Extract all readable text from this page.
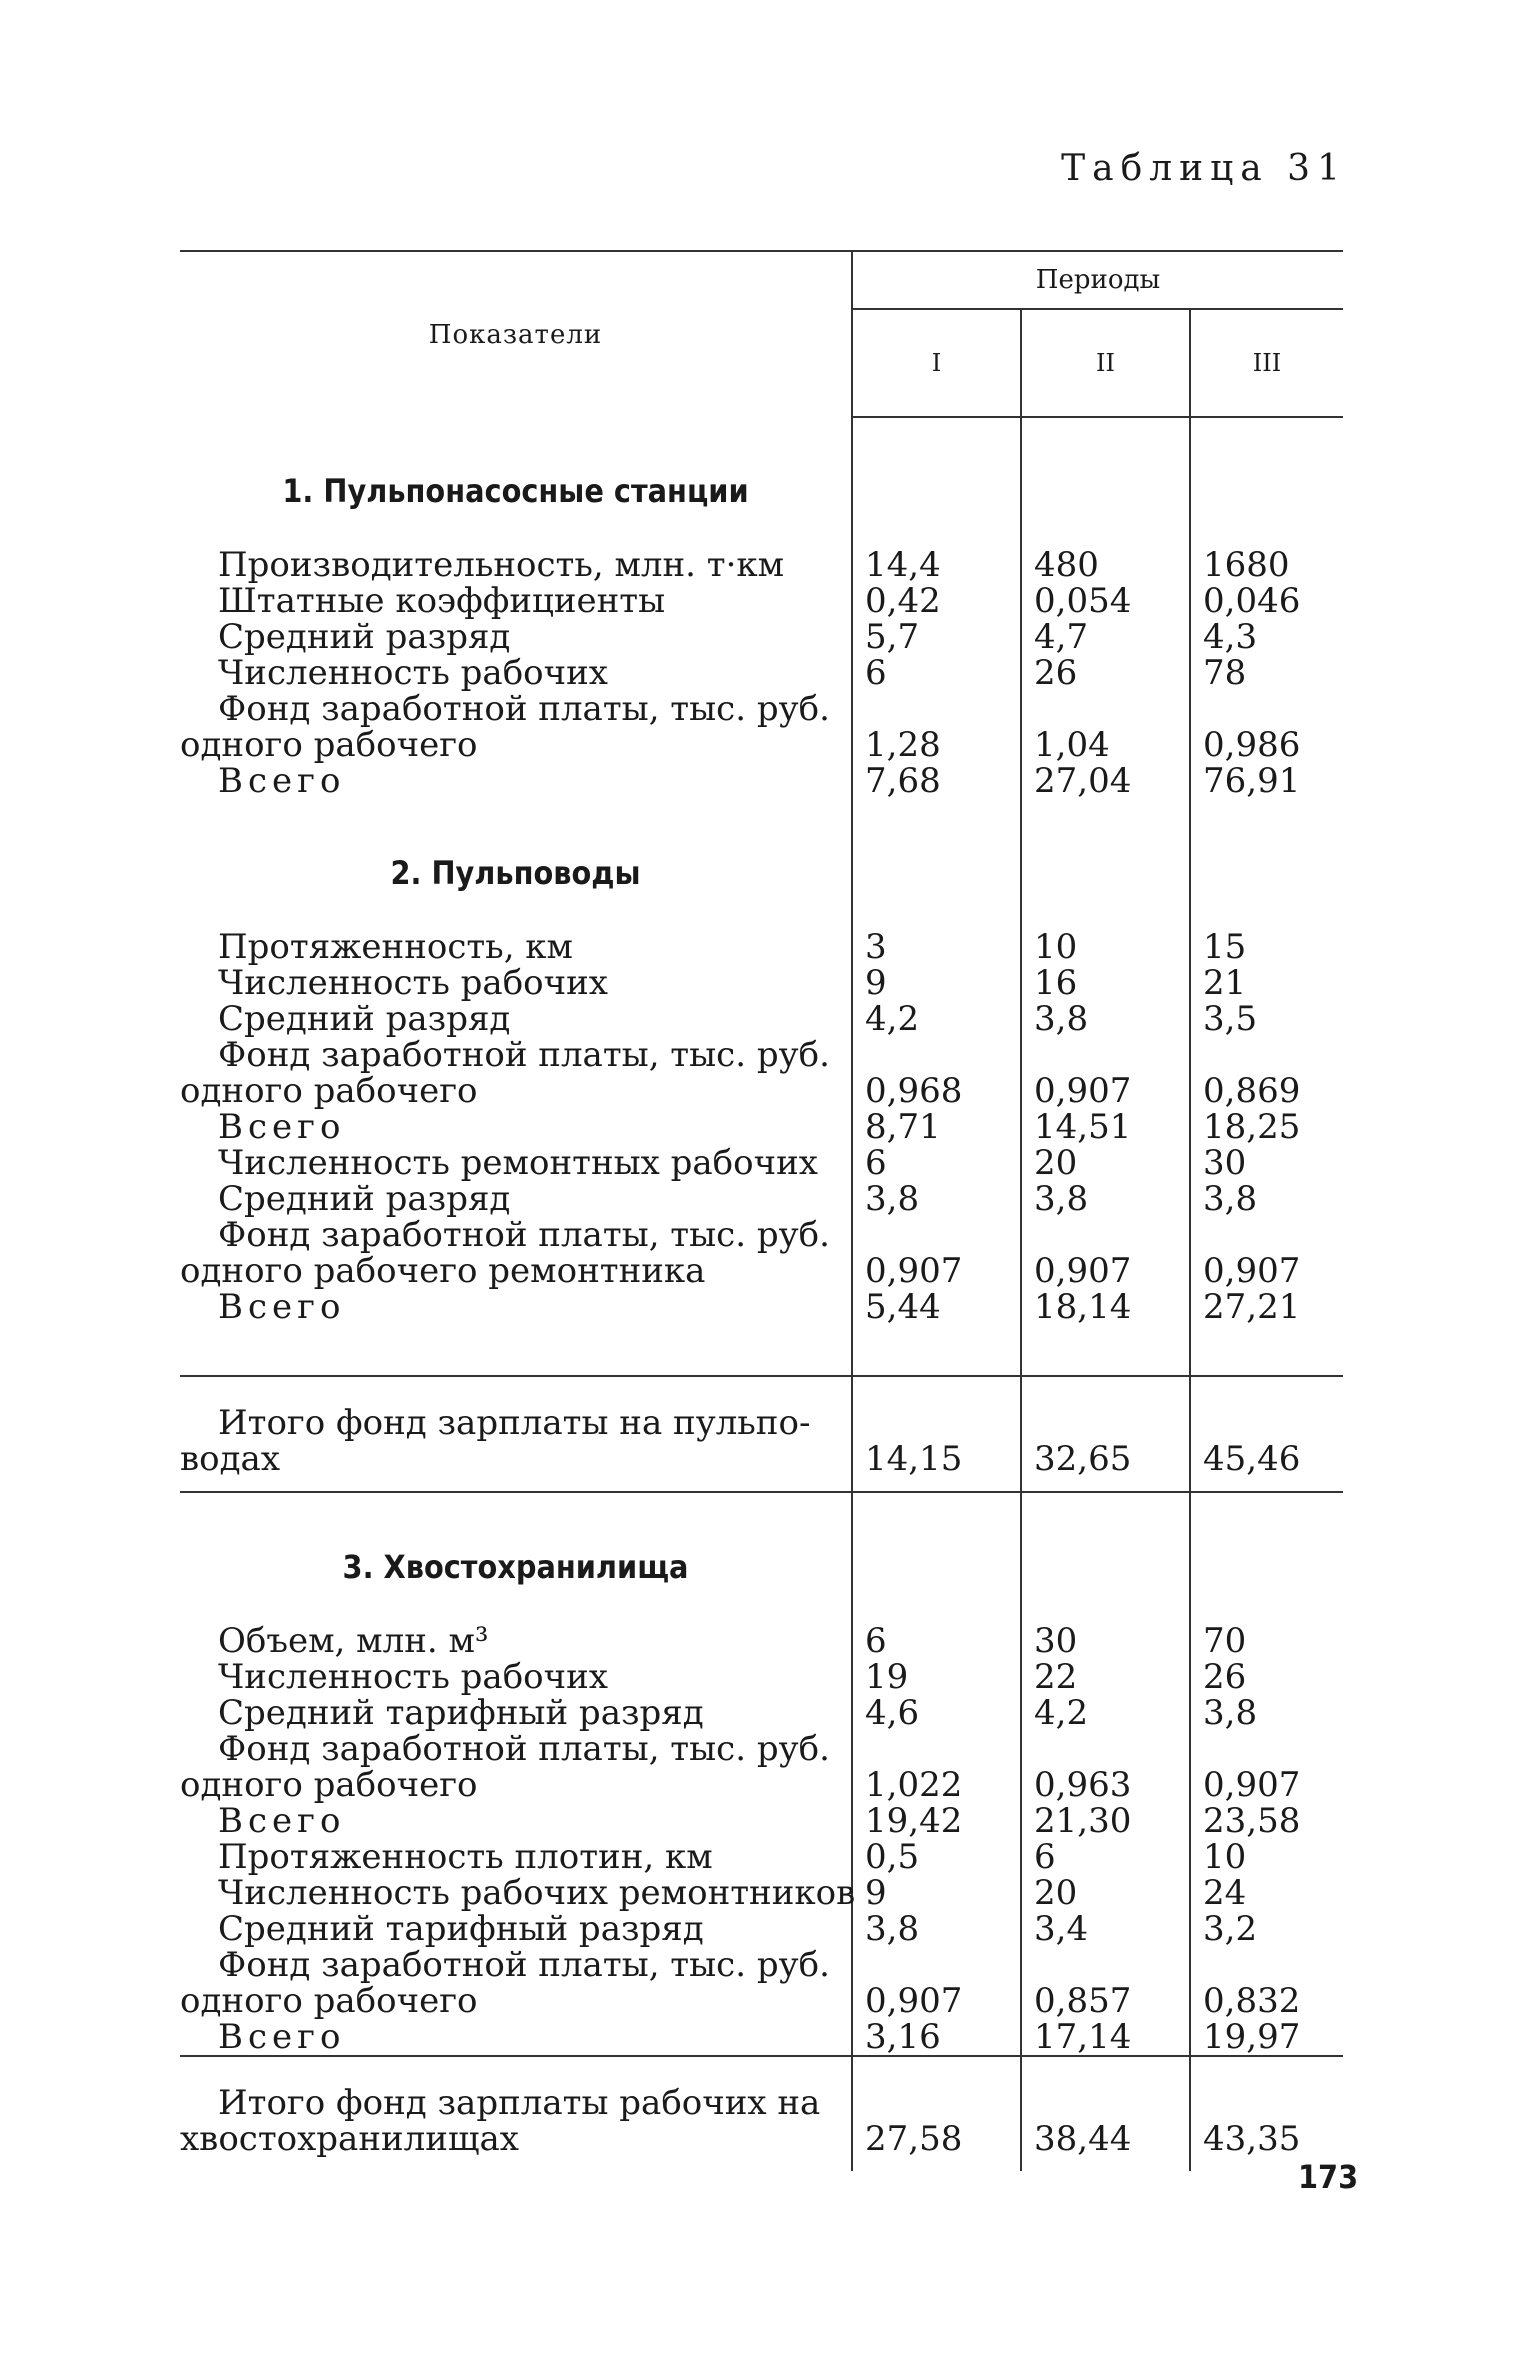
Таблица 31
Показатели	Периоды		
	I	II	III
1. Пульпонасосные станции			

Производительность, млн. т·км	14,4	480	1680
Штатные коэффициенты	0,42	0,054	0,046
Средний разряд	5,7	4,7	4,3
Численность рабочих	6	26	78
Фонд заработной платы, тыс. руб.			
одного рабочего	1,28	1,04	0,986
Всего	7,68	27,04	76,91
2. Пульповоды			

Протяженность, км	3	10	15
Численность рабочих	9	16	21
Средний разряд	4,2	3,8	3,5
Фонд заработной платы, тыс. руб.			
одного рабочего	0,968	0,907	0,869
Всего	8,71	14,51	18,25
Численность ремонтных рабочих	6	20	30
Средний разряд	3,8	3,8	3,8
Фонд заработной платы, тыс. руб.			
одного рабочего ремонтника	0,907	0,907	0,907
Всего	5,44	18,14	27,21

Итого фонд зарплаты на пульпо-
водах	14,15	32,65	45,46
3. Хвостохранилища			

Объем, млн. м³	6	30	70
Численность рабочих	19	22	26
Средний тарифный разряд	4,6	4,2	3,8
Фонд заработной платы, тыс. руб.			
одного рабочего	1,022	0,963	0,907
Всего	19,42	21,30	23,58
Протяженность плотин, км	0,5	6	10
Численность рабочих ремонтников	9	20	24
Средний тарифный разряд	3,8	3,4	3,2
Фонд заработной платы, тыс. руб.			
одного рабочего	0,907	0,857	0,832
Всего	3,16	17,14	19,97

Итого фонд зарплаты рабочих на
хвостохранилищах	27,58	38,44	43,35
173
